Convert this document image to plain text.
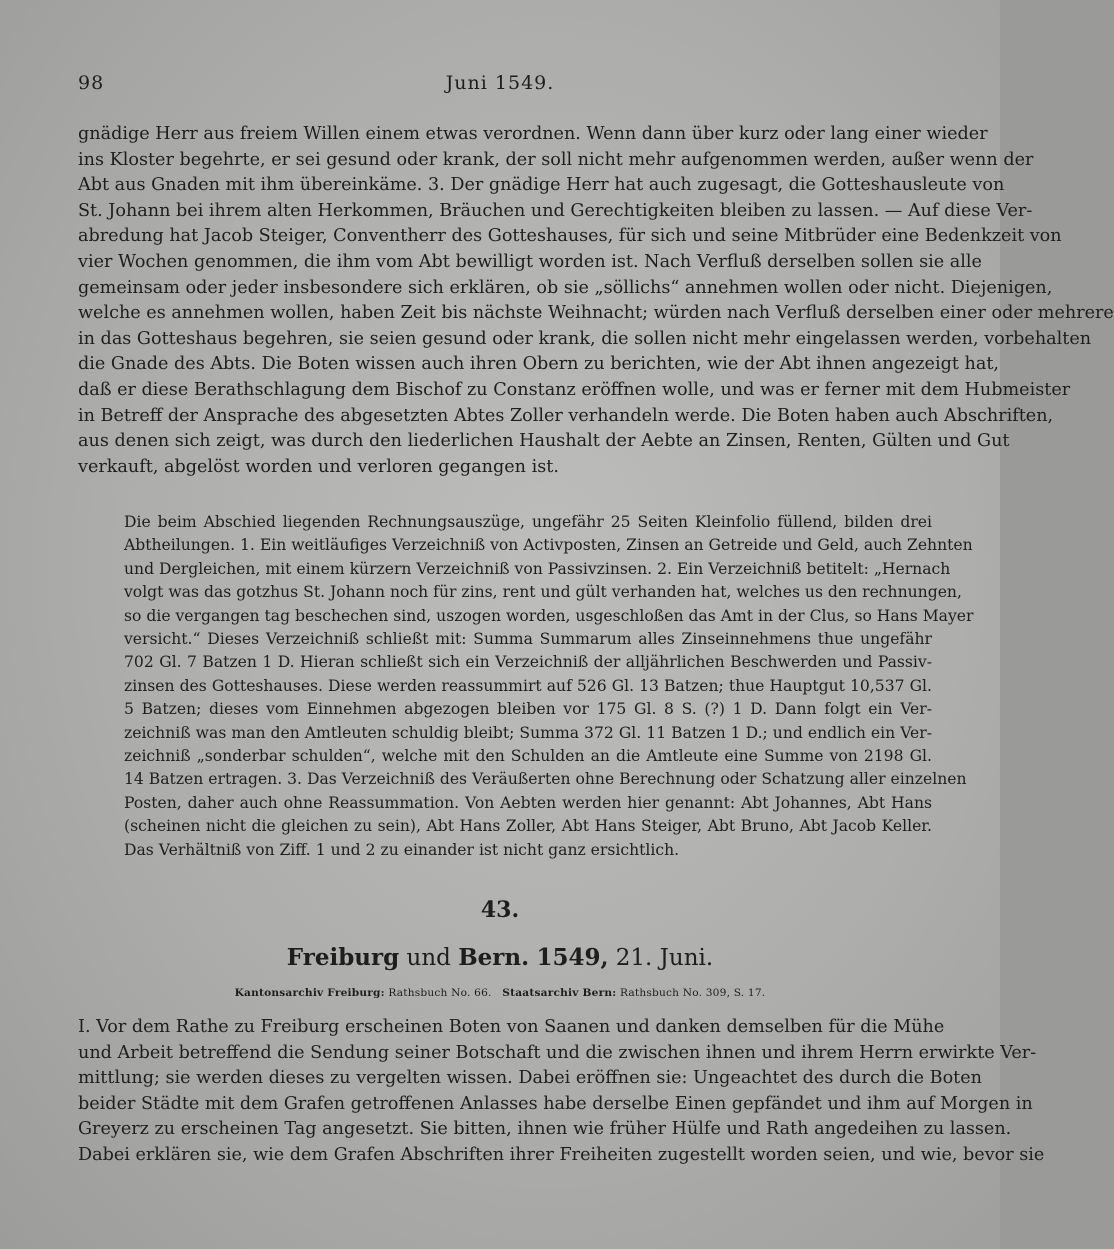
98	Juni 1549.
gnädige Herr aus freiem Willen einem etwas verordnen. Wenn dann über kurz oder lang einer wieder
ins Kloster begehrte, er sei gesund oder krank, der soll nicht mehr aufgenommen werden, außer wenn der
Abt aus Gnaden mit ihm übereinkäme. 3. Der gnädige Herr hat auch zugesagt, die Gotteshausleute von
St. Johann bei ihrem alten Herkommen, Bräuchen und Gerechtigkeiten bleiben zu lassen. — Auf diese Ver-
abredung hat Jacob Steiger, Conventherr des Gotteshauses, für sich und seine Mitbrüder eine Bedenkzeit von
vier Wochen genommen, die ihm vom Abt bewilligt worden ist. Nach Verfluß derselben sollen sie alle
gemeinsam oder jeder insbesondere sich erklären, ob sie „söllichs“ annehmen wollen oder nicht. Diejenigen,
welche es annehmen wollen, haben Zeit bis nächste Weihnacht; würden nach Verfluß derselben einer oder mehrere
in das Gotteshaus begehren, sie seien gesund oder krank, die sollen nicht mehr eingelassen werden, vorbehalten
die Gnade des Abts. Die Boten wissen auch ihren Obern zu berichten, wie der Abt ihnen angezeigt hat,
daß er diese Berathschlagung dem Bischof zu Constanz eröffnen wolle, und was er ferner mit dem Hubmeister
in Betreff der Ansprache des abgesetzten Abtes Zoller verhandeln werde. Die Boten haben auch Abschriften,
aus denen sich zeigt, was durch den liederlichen Haushalt der Aebte an Zinsen, Renten, Gülten und Gut
verkauft, abgelöst worden und verloren gegangen ist.
Die beim Abschied liegenden Rechnungsauszüge, ungefähr 25 Seiten Kleinfolio füllend, bilden drei
Abtheilungen. 1. Ein weitläufiges Verzeichniß von Activposten, Zinsen an Getreide und Geld, auch Zehnten
und Dergleichen, mit einem kürzern Verzeichniß von Passivzinsen. 2. Ein Verzeichniß betitelt: „Hernach
volgt was das gotzhus St. Johann noch für zins, rent und gült verhanden hat, welches us den rechnungen,
so die vergangen tag beschechen sind, uszogen worden, usgeschloßen das Amt in der Clus, so Hans Mayer
versicht.“ Dieses Verzeichniß schließt mit: Summa Summarum alles Zinseinnehmens thue ungefähr
702 Gl. 7 Batzen 1 D. Hieran schließt sich ein Verzeichniß der alljährlichen Beschwerden und Passiv-
zinsen des Gotteshauses. Diese werden reassummirt auf 526 Gl. 13 Batzen; thue Hauptgut 10,537 Gl.
5 Batzen; dieses vom Einnehmen abgezogen bleiben vor 175 Gl. 8 S. (?) 1 D. Dann folgt ein Ver-
zeichniß was man den Amtleuten schuldig bleibt; Summa 372 Gl. 11 Batzen 1 D.; und endlich ein Ver-
zeichniß „sonderbar schulden“, welche mit den Schulden an die Amtleute eine Summe von 2198 Gl.
14 Batzen ertragen. 3. Das Verzeichniß des Veräußerten ohne Berechnung oder Schatzung aller einzelnen
Posten, daher auch ohne Reassummation. Von Aebten werden hier genannt: Abt Johannes, Abt Hans
(scheinen nicht die gleichen zu sein), Abt Hans Zoller, Abt Hans Steiger, Abt Bruno, Abt Jacob Keller.
Das Verhältniß von Ziff. 1 und 2 zu einander ist nicht ganz ersichtlich.
43.
Freiburg und Bern. 1549, 21. Juni.
Kantonsarchiv Freiburg: Rathsbuch No. 66. Staatsarchiv Bern: Rathsbuch No. 309, S. 17.
I. Vor dem Rathe zu Freiburg erscheinen Boten von Saanen und danken demselben für die Mühe
und Arbeit betreffend die Sendung seiner Botschaft und die zwischen ihnen und ihrem Herrn erwirkte Ver-
mittlung; sie werden dieses zu vergelten wissen. Dabei eröffnen sie: Ungeachtet des durch die Boten
beider Städte mit dem Grafen getroffenen Anlasses habe derselbe Einen gepfändet und ihm auf Morgen in
Greyerz zu erscheinen Tag angesetzt. Sie bitten, ihnen wie früher Hülfe und Rath angedeihen zu lassen.
Dabei erklären sie, wie dem Grafen Abschriften ihrer Freiheiten zugestellt worden seien, und wie, bevor sie
